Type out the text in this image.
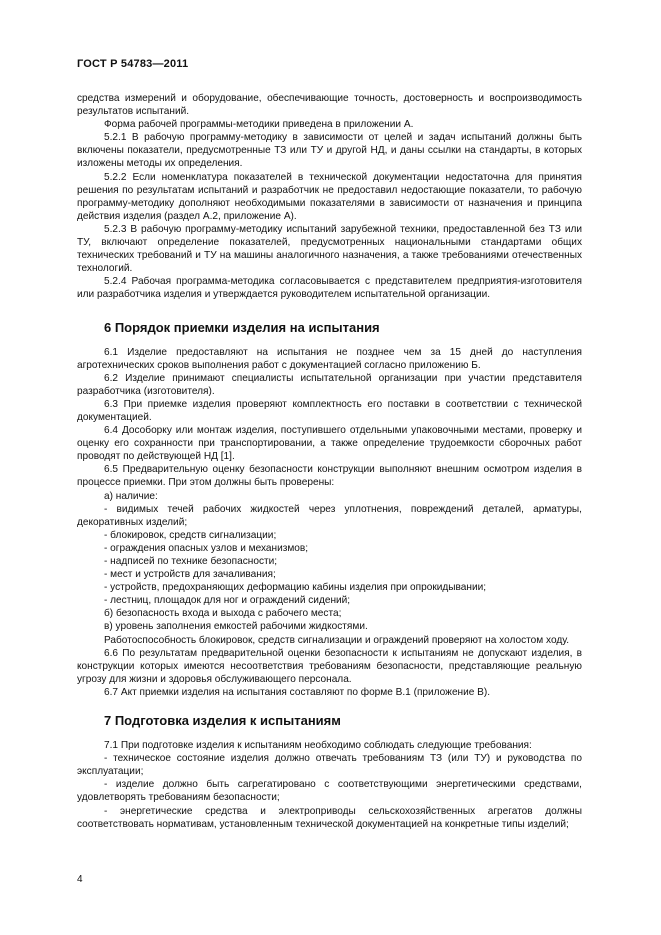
ГОСТ Р 54783—2011

средства измерений и оборудование, обеспечивающие точность, достоверность и воспроизводимость результатов испытаний.

Форма рабочей программы-методики приведена в приложении А.

5.2.1 В рабочую программу-методику в зависимости от целей и задач испытаний должны быть включены показатели, предусмотренные ТЗ или ТУ и другой НД, и даны ссылки на стандарты, в которых изложены методы их определения.

5.2.2 Если номенклатура показателей в технической документации недостаточна для принятия решения по результатам испытаний и разработчик не предоставил недостающие показатели, то рабочую программу-методику дополняют необходимыми показателями в зависимости от назначения и принципа действия изделия (раздел А.2, приложение А).

5.2.3 В рабочую программу-методику испытаний зарубежной техники, предоставленной без ТЗ или ТУ, включают определение показателей, предусмотренных национальными стандартами общих технических требований и ТУ на машины аналогичного назначения, а также требованиями отечественных технологий.

5.2.4 Рабочая программа-методика согласовывается с представителем предприятия-изготовителя или разработчика изделия и утверждается руководителем испытательной организации.

6 Порядок приемки изделия на испытания

6.1 Изделие предоставляют на испытания не позднее чем за 15 дней до наступления агротехнических сроков выполнения работ с документацией согласно приложению Б.

6.2 Изделие принимают специалисты испытательной организации при участии представителя разработчика (изготовителя).

6.3 При приемке изделия проверяют комплектность его поставки в соответствии с технической документацией.

6.4 Дособорку или монтаж изделия, поступившего отдельными упаковочными местами, проверку и оценку его сохранности при транспортировании, а также определение трудоемкости сборочных работ проводят по действующей НД [1].

6.5 Предварительную оценку безопасности конструкции выполняют внешним осмотром изделия в процессе приемки. При этом должны быть проверены:

а) наличие:

- видимых течей рабочих жидкостей через уплотнения, повреждений деталей, арматуры, декоративных изделий;

- блокировок, средств сигнализации;

- ограждения опасных узлов и механизмов;

- надписей по технике безопасности;

- мест и устройств для зачаливания;

- устройств, предохраняющих деформацию кабины изделия при опрокидывании;

- лестниц, площадок для ног и ограждений сидений;

б) безопасность входа и выхода с рабочего места;

в) уровень заполнения емкостей рабочими жидкостями.

Работоспособность блокировок, средств сигнализации и ограждений проверяют на холостом ходу.

6.6 По результатам предварительной оценки безопасности к испытаниям не допускают изделия, в конструкции которых имеются несоответствия требованиям безопасности, представляющие реальную угрозу для жизни и здоровья обслуживающего персонала.

6.7 Акт приемки изделия на испытания составляют по форме В.1 (приложение В).

7 Подготовка изделия к испытаниям

7.1 При подготовке изделия к испытаниям необходимо соблюдать следующие требования:

- техническое состояние изделия должно отвечать требованиям ТЗ (или ТУ) и руководства по эксплуатации;

- изделие должно быть сагрегатировано с соответствующими энергетическими средствами, удовлетворять требованиям безопасности;

- энергетические средства и электроприводы сельскохозяйственных агрегатов должны соответствовать нормативам, установленным технической документацией на конкретные типы изделий;

4
